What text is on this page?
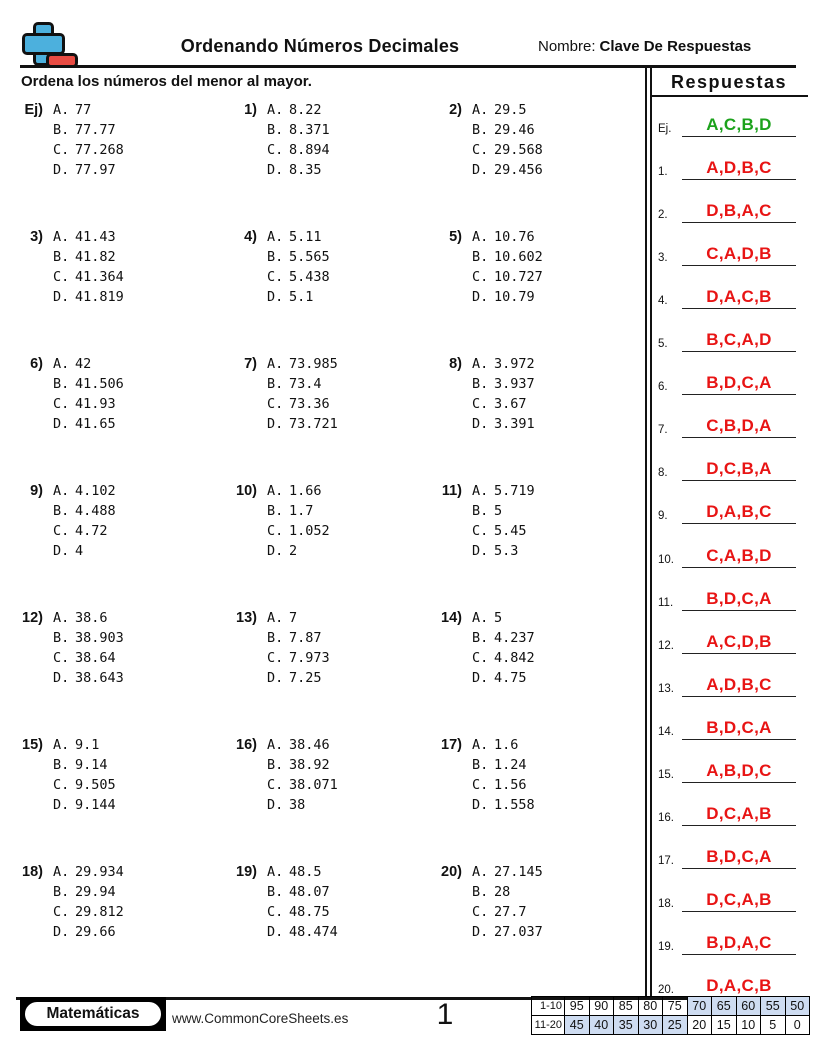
Ordenando Números Decimales	Nombre: Clave De Respuestas
Ordena los números del menor al mayor.
Ej) A. 77
B. 77.77
C. 77.268
D. 77.97
1) A. 8.22
B. 8.371
C. 8.894
D. 8.35
2) A. 29.5
B. 29.46
C. 29.568
D. 29.456
3) A. 41.43
B. 41.82
C. 41.364
D. 41.819
4) A. 5.11
B. 5.565
C. 5.438
D. 5.1
5) A. 10.76
B. 10.602
C. 10.727
D. 10.79
6) A. 42
B. 41.506
C. 41.93
D. 41.65
7) A. 73.985
B. 73.4
C. 73.36
D. 73.721
8) A. 3.972
B. 3.937
C. 3.67
D. 3.391
9) A. 4.102
B. 4.488
C. 4.72
D. 4
10) A. 1.66
B. 1.7
C. 1.052
D. 2
11) A. 5.719
B. 5
C. 5.45
D. 5.3
12) A. 38.6
B. 38.903
C. 38.64
D. 38.643
13) A. 7
B. 7.87
C. 7.973
D. 7.25
14) A. 5
B. 4.237
C. 4.842
D. 4.75
15) A. 9.1
B. 9.14
C. 9.505
D. 9.144
16) A. 38.46
B. 38.92
C. 38.071
D. 38
17) A. 1.6
B. 1.24
C. 1.56
D. 1.558
18) A. 29.934
B. 29.94
C. 29.812
D. 29.66
19) A. 48.5
B. 48.07
C. 48.75
D. 48.474
20) A. 27.145
B. 28
C. 27.7
D. 27.037
Respuestas
Ej.	A,C,B,D
1.	A,D,B,C
2.	D,B,A,C
3.	C,A,D,B
4.	D,A,C,B
5.	B,C,A,D
6.	B,D,C,A
7.	C,B,D,A
8.	D,C,B,A
9.	D,A,B,C
10.	C,A,B,D
11.	B,D,C,A
12.	A,C,D,B
13.	A,D,B,C
14.	B,D,C,A
15.	A,B,D,C
16.	D,C,A,B
17.	B,D,C,A
18.	D,C,A,B
19.	B,D,A,C
20.	D,A,C,B
Matemáticas	www.CommonCoreSheets.es	1	1-10	95	90	85	80	75	70	65	60	55	50
11-20	45	40	35	30	25	20	15	10	5	0
